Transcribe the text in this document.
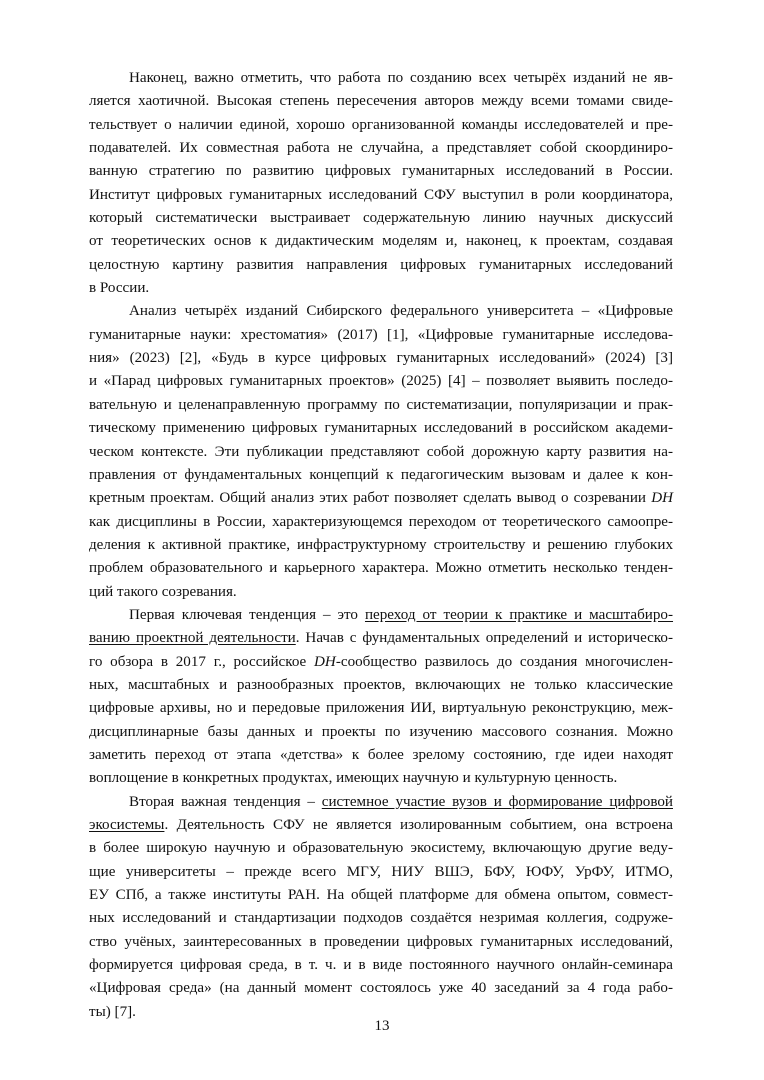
Наконец, важно отметить, что работа по созданию всех четырёх изданий не яв-
ляется хаотичной. Высокая степень пересечения авторов между всеми томами свиде-
тельствует о наличии единой, хорошо организованной команды исследователей и пре-
подавателей. Их совместная работа не случайна, а представляет собой скоординиро-
ванную стратегию по развитию цифровых гуманитарных исследований в России.
Институт цифровых гуманитарных исследований СФУ выступил в роли координатора,
который систематически выстраивает содержательную линию научных дискуссий
от теоретических основ к дидактическим моделям и, наконец, к проектам, создавая
целостную картину развития направления цифровых гуманитарных исследований
в России.
Анализ четырёх изданий Сибирского федерального университета – «Цифровые
гуманитарные науки: хрестоматия» (2017) [1], «Цифровые гуманитарные исследова-
ния» (2023) [2], «Будь в курсе цифровых гуманитарных исследований» (2024) [3]
и «Парад цифровых гуманитарных проектов» (2025) [4] – позволяет выявить последо-
вательную и целенаправленную программу по систематизации, популяризации и прак-
тическому применению цифровых гуманитарных исследований в российском академи-
ческом контексте. Эти публикации представляют собой дорожную карту развития на-
правления от фундаментальных концепций к педагогическим вызовам и далее к кон-
кретным проектам. Общий анализ этих работ позволяет сделать вывод о созревании DH
как дисциплины в России, характеризующемся переходом от теоретического самоопре-
деления к активной практике, инфраструктурному строительству и решению глубоких
проблем образовательного и карьерного характера. Можно отметить несколько тенден-
ций такого созревания.
Первая ключевая тенденция – это переход от теории к практике и масштабиро-
ванию проектной деятельности. Начав с фундаментальных определений и историческо-
го обзора в 2017 г., российское DH-сообщество развилось до создания многочислен-
ных, масштабных и разнообразных проектов, включающих не только классические
цифровые архивы, но и передовые приложения ИИ, виртуальную реконструкцию, меж-
дисциплинарные базы данных и проекты по изучению массового сознания. Можно
заметить переход от этапа «детства» к более зрелому состоянию, где идеи находят
воплощение в конкретных продуктах, имеющих научную и культурную ценность.
Вторая важная тенденция – системное участие вузов и формирование цифровой
экосистемы. Деятельность СФУ не является изолированным событием, она встроена
в более широкую научную и образовательную экосистему, включающую другие веду-
щие университеты – прежде всего МГУ, НИУ ВШЭ, БФУ, ЮФУ, УрФУ, ИТМО,
ЕУ СПб, а также институты РАН. На общей платформе для обмена опытом, совмест-
ных исследований и стандартизации подходов создаётся незримая коллегия, содруже-
ство учёных, заинтересованных в проведении цифровых гуманитарных исследований,
формируется цифровая среда, в т. ч. и в виде постоянного научного онлайн-семинара
«Цифровая среда» (на данный момент состоялось уже 40 заседаний за 4 года рабо-
ты) [7].
13
